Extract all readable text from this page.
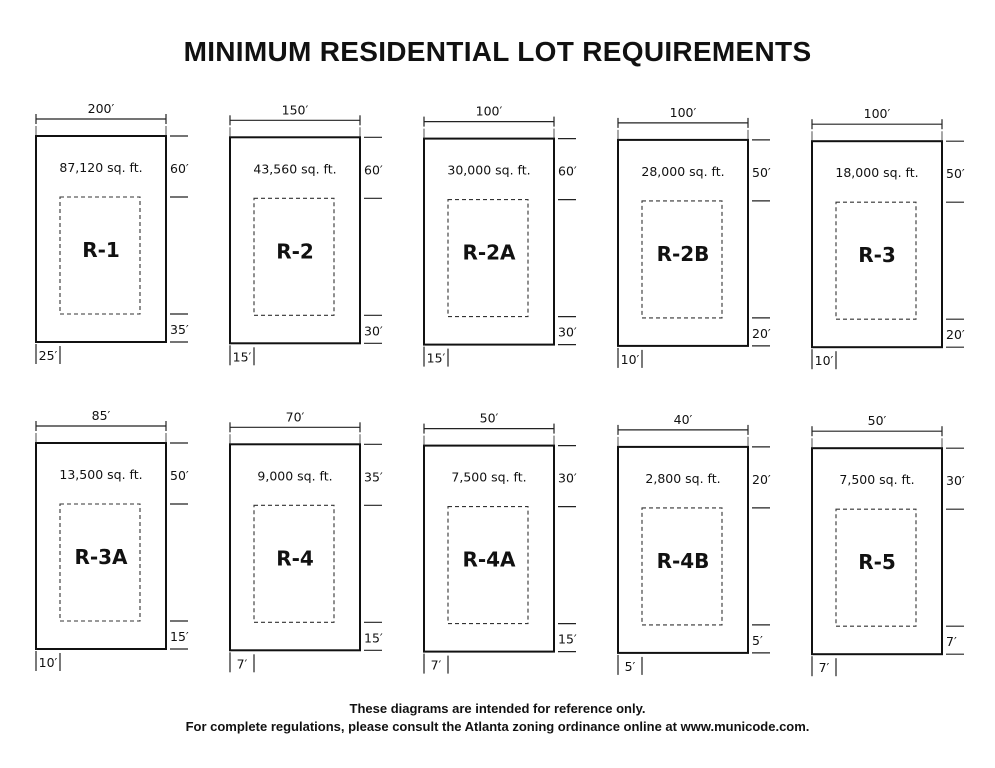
MINIMUM RESIDENTIAL LOT REQUIREMENTS
200′
87,120 sq. ft.
R-1
60′
35′
25′
150′
43,560 sq. ft.
R-2
60′
30′
15′
100′
30,000 sq. ft.
R-2A
60′
30′
15′
100′
28,000 sq. ft.
R-2B
50′
20′
10′
100′
18,000 sq. ft.
R-3
50′
20′
10′
85′
13,500 sq. ft.
R-3A
50′
15′
10′
70′
9,000 sq. ft.
R-4
35′
15′
7′
50′
7,500 sq. ft.
R-4A
30′
15′
7′
40′
2,800 sq. ft.
R-4B
20′
5′
5′
50′
7,500 sq. ft.
R-5
30′
7′
7′
These diagrams are intended for reference only.
For complete regulations, please consult the Atlanta zoning ordinance online at www.municode.com.
